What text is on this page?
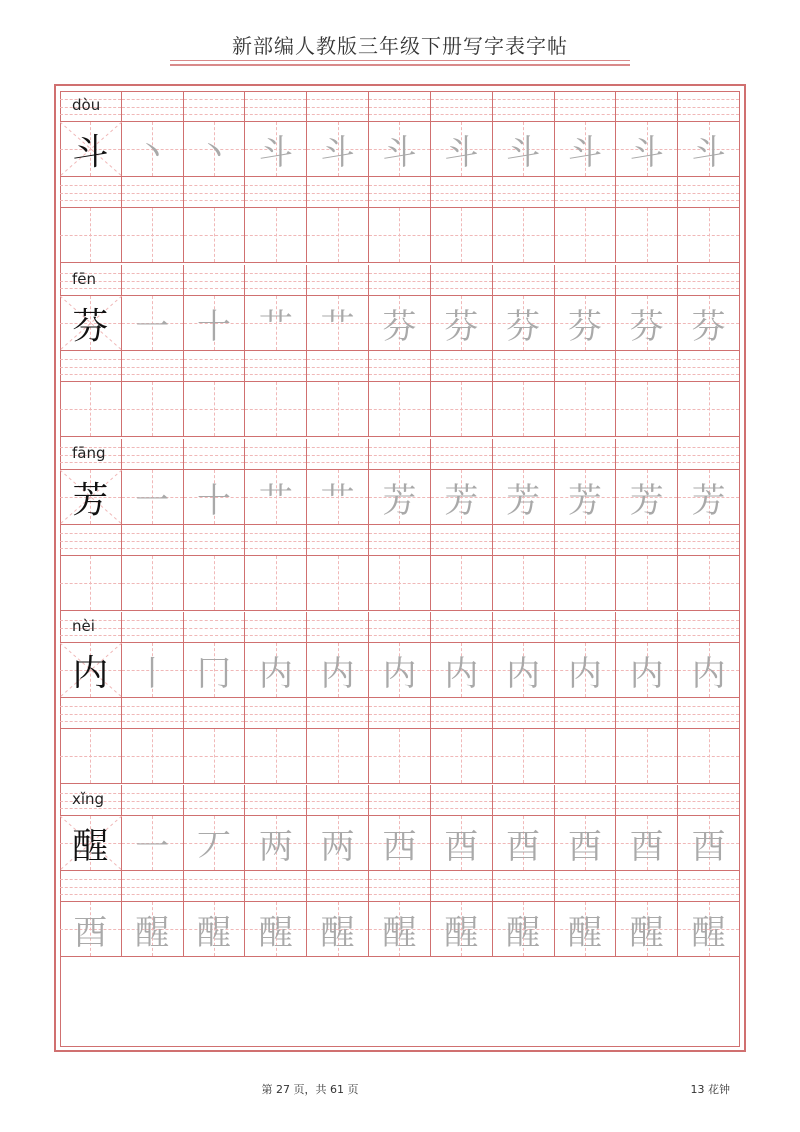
新部编人教版三年级下册写字表字帖
dòu
斗 丶 丶 斗 斗 斗 斗 斗 斗 斗 斗
fēn
芬 一 十 艹 艹 芬 芬 芬 芬 芬 芬
fāng
芳 一 十 艹 艹 芳 芳 芳 芳 芳 芳
nèi
内 丨 冂 内 内 内 内 内 内 内 内
xǐng
醒 一 丆 两 两 西 酉 酉 酉 酉 酉
酉 醒 醒 醒 醒 醒 醒 醒 醒 醒 醒
第 27 页，共 61 页	13 花钟
